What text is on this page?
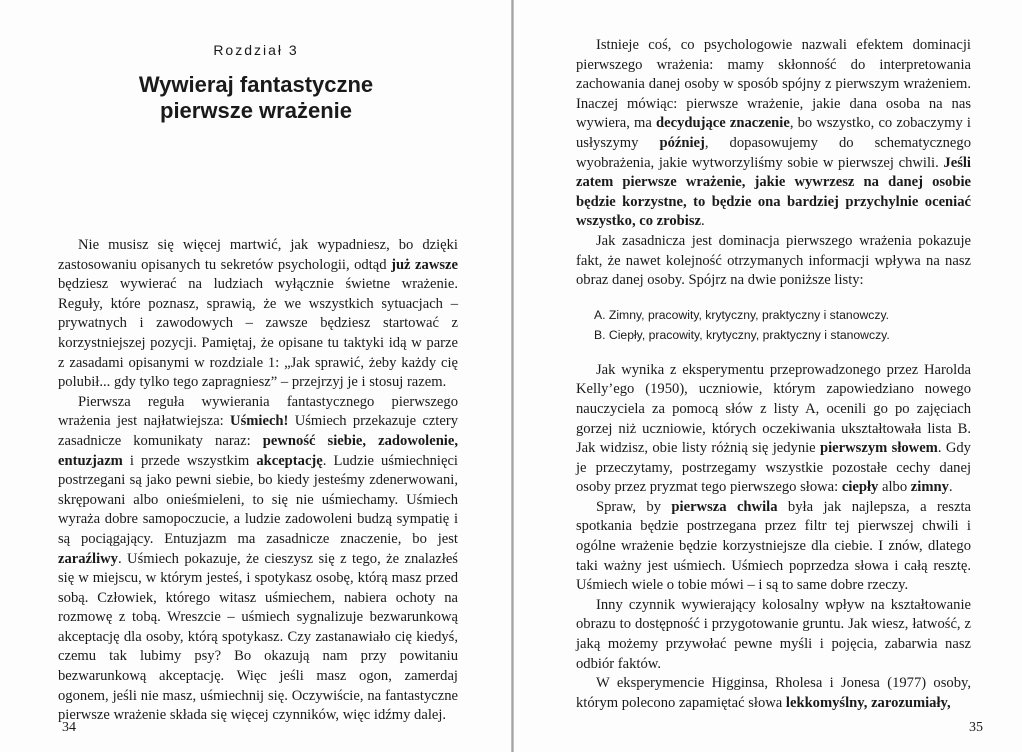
Rozdział 3
Wywieraj fantastyczne
pierwsze wrażenie

Nie musisz się więcej martwić, jak wypadniesz, bo dzięki zastosowaniu opisanych tu sekretów psychologii, odtąd już zawsze będziesz wywierać na ludziach wyłącznie świetne wrażenie. Reguły, które poznasz, sprawią, że we wszystkich sytuacjach – prywatnych i zawodowych – zawsze będziesz startować z korzystniejszej pozycji. Pamiętaj, że opisane tu taktyki idą w parze z zasadami opisanymi w rozdziale 1: „Jak sprawić, żeby każdy cię polubił... gdy tylko tego zapragniesz” – przejrzyj je i stosuj razem.

Pierwsza reguła wywierania fantastycznego pierwszego wrażenia jest najłatwiejsza: Uśmiech! Uśmiech przekazuje cztery zasadnicze komunikaty naraz: pewność siebie, zadowolenie, entuzjazm i przede wszystkim akceptację. Ludzie uśmiechnięci postrzegani są jako pewni siebie, bo kiedy jesteśmy zdenerwowani, skrępowani albo onieśmieleni, to się nie uśmiechamy. Uśmiech wyraża dobre samopoczucie, a ludzie zadowoleni budzą sympatię i są pociągający. Entuzjazm ma zasadnicze znaczenie, bo jest zaraźliwy. Uśmiech pokazuje, że cieszysz się z tego, że znalazłeś się w miejscu, w którym jesteś, i spotykasz osobę, którą masz przed sobą. Człowiek, którego witasz uśmiechem, nabiera ochoty na rozmowę z tobą. Wreszcie – uśmiech sygnalizuje bezwarunkową akceptację dla osoby, którą spotykasz. Czy zastanawiało cię kiedyś, czemu tak lubimy psy? Bo okazują nam przy powitaniu bezwarunkową akceptację. Więc jeśli masz ogon, zamerdaj ogonem, jeśli nie masz, uśmiechnij się. Oczywiście, na fantastyczne pierwsze wrażenie składa się więcej czynników, więc idźmy dalej.

34

Istnieje coś, co psychologowie nazwali efektem dominacji pierwszego wrażenia: mamy skłonność do interpretowania zachowania danej osoby w sposób spójny z pierwszym wrażeniem. Inaczej mówiąc: pierwsze wrażenie, jakie dana osoba na nas wywiera, ma decydujące znaczenie, bo wszystko, co zobaczymy i usłyszymy później, dopasowujemy do schematycznego wyobrażenia, jakie wytworzyliśmy sobie w pierwszej chwili. Jeśli zatem pierwsze wrażenie, jakie wywrzesz na danej osobie będzie korzystne, to będzie ona bardziej przychylnie oceniać wszystko, co zrobisz.

Jak zasadnicza jest dominacja pierwszego wrażenia pokazuje fakt, że nawet kolejność otrzymanych informacji wpływa na nasz obraz danej osoby. Spójrz na dwie poniższe listy:

A. Zimny, pracowity, krytyczny, praktyczny i stanowczy.
B. Ciepły, pracowity, krytyczny, praktyczny i stanowczy.

Jak wynika z eksperymentu przeprowadzonego przez Harolda Kelly’ego (1950), uczniowie, którym zapowiedziano nowego nauczyciela za pomocą słów z listy A, ocenili go po zajęciach gorzej niż uczniowie, których oczekiwania ukształtowała lista B. Jak widzisz, obie listy różnią się jedynie pierwszym słowem. Gdy je przeczytamy, postrzegamy wszystkie pozostałe cechy danej osoby przez pryzmat tego pierwszego słowa: ciepły albo zimny.

Spraw, by pierwsza chwila była jak najlepsza, a reszta spotkania będzie postrzegana przez filtr tej pierwszej chwili i ogólne wrażenie będzie korzystniejsze dla ciebie. I znów, dlatego taki ważny jest uśmiech. Uśmiech poprzedza słowa i całą resztę. Uśmiech wiele o tobie mówi – i są to same dobre rzeczy.

Inny czynnik wywierający kolosalny wpływ na kształtowanie obrazu to dostępność i przygotowanie gruntu. Jak wiesz, łatwość, z jaką możemy przywołać pewne myśli i pojęcia, zabarwia nasz odbiór faktów.

W eksperymencie Higginsa, Rholesa i Jonesa (1977) osoby, którym polecono zapamiętać słowa lekkomyślny, zarozumiały,

35
